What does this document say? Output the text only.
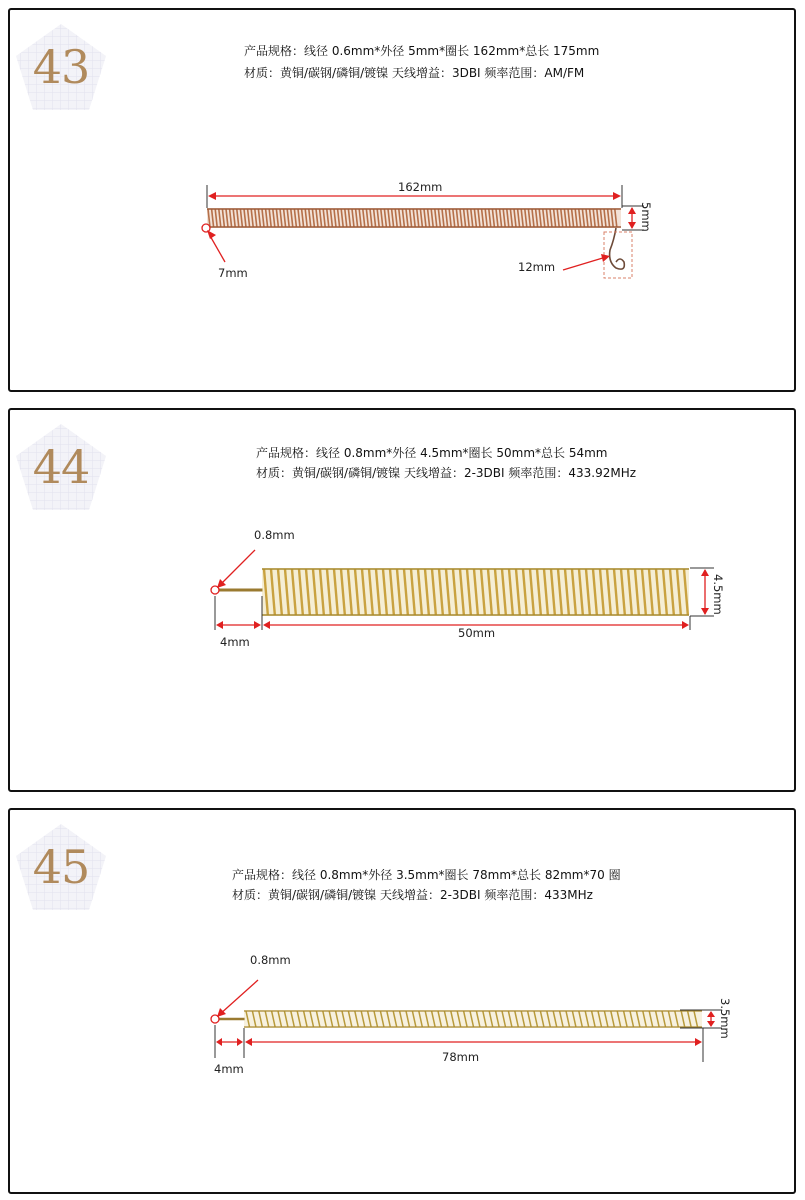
43	产品规格：线径 0.6mm*外径 5mm*圈长 162mm*总长 175mm
材质：黄铜/碳钢/磷铜/镀镍 天线增益：3DBI 频率范围：AM/FM
162mm
5mm
7mm	12mm
44	产品规格：线径 0.8mm*外径 4.5mm*圈长 50mm*总长 54mm
材质：黄铜/碳钢/磷铜/镀镍 天线增益：2-3DBI 频率范围：433.92MHz
0.8mm
4.5mm
4mm
50mm
45	产品规格：线径 0.8mm*外径 3.5mm*圈长 78mm*总长 82mm*70 圈
材质：黄铜/碳钢/磷铜/镀镍 天线增益：2-3DBI 频率范围：433MHz
0.8mm
3.5mm
4mm
78mm
